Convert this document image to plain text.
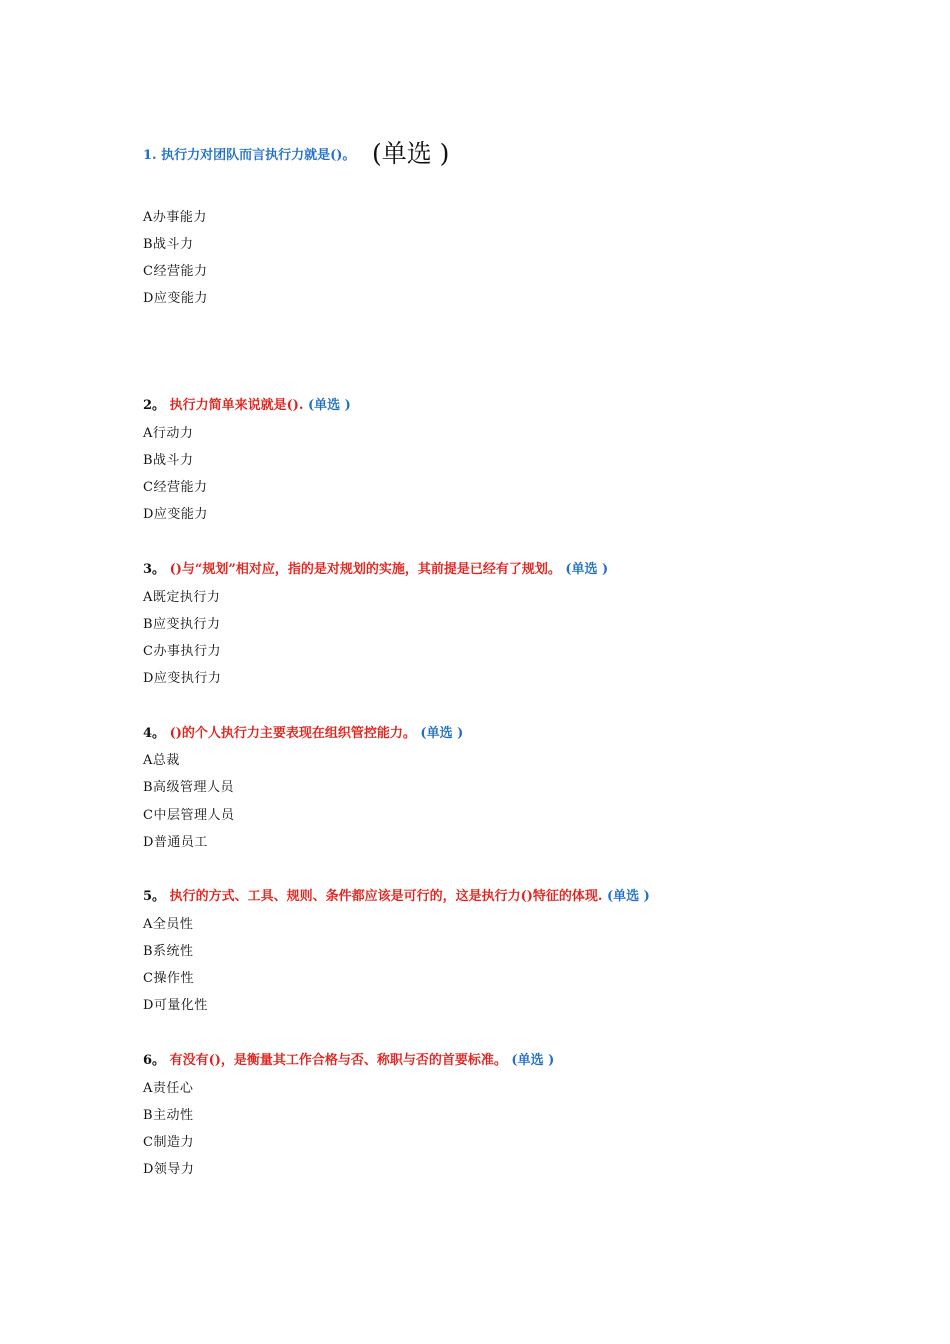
1. 执行力对团队而言执行力就是()。 (单选 )
A办事能力
B战斗力
C经营能力
D应变能力
2。 执行力简单来说就是(). (单选 )
A行动力
B战斗力
C经营能力
D应变能力
3。 ()与“规划”相对应，指的是对规划的实施，其前提是已经有了规划。 (单选 )
A既定执行力
B应变执行力
C办事执行力
D应变执行力
4。 ()的个人执行力主要表现在组织管控能力。 (单选 )
A总裁
B高级管理人员
C中层管理人员
D普通员工
5。 执行的方式、工具、规则、条件都应该是可行的，这是执行力()特征的体现. (单选 )
A全员性
B系统性
C操作性
D可量化性
6。 有没有()，是衡量其工作合格与否、称职与否的首要标准。 (单选 )
A责任心
B主动性
C制造力
D领导力
